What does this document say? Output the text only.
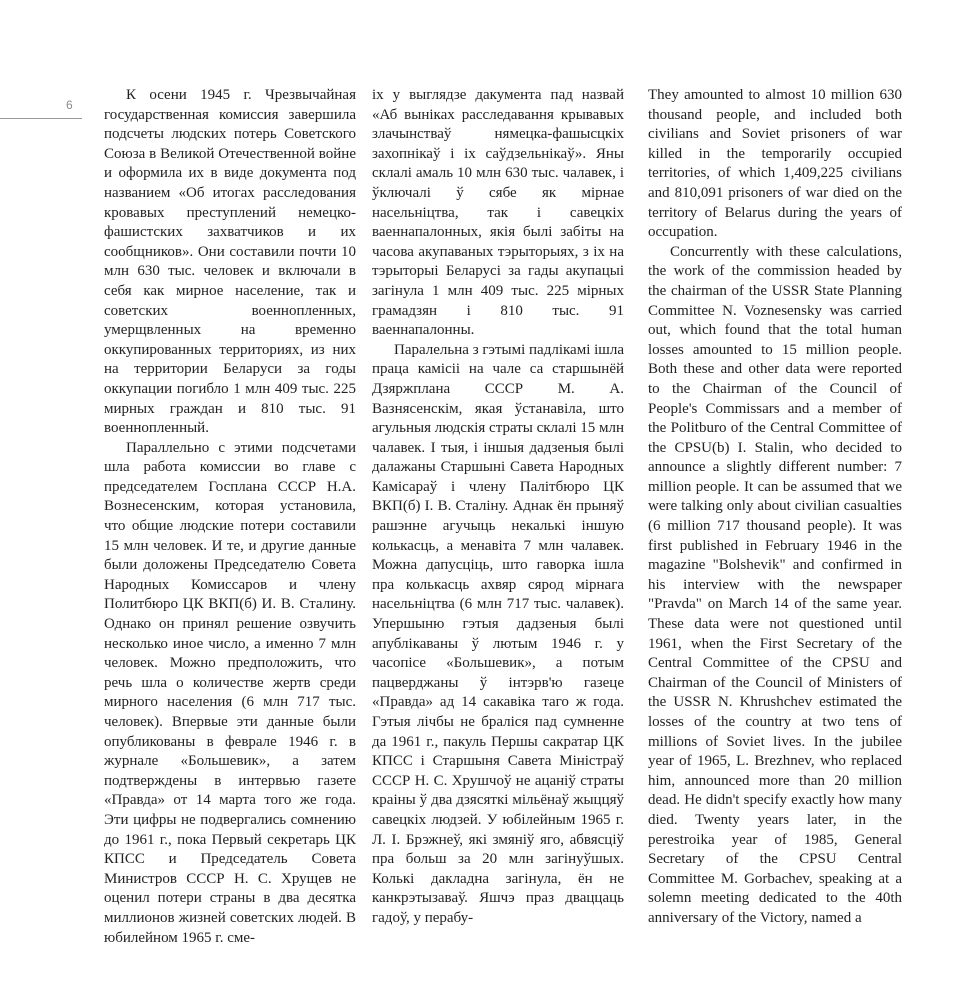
6

К осени 1945 г. Чрезвычайная государственная комиссия завершила подсчеты людских потерь Советского Союза в Великой Отечественной войне и оформила их в виде документа под названием «Об итогах расследования кровавых преступлений немецко-фашистских захватчиков и их сообщников». Они составили почти 10 млн 630 тыс. человек и включали в себя как мирное население, так и советских военнопленных, умерщвленных на временно оккупированных территориях, из них на территории Беларуси за годы оккупации погибло 1 млн 409 тыс. 225 мирных граждан и 810 тыс. 91 военнопленный.

Параллельно с этими подсчетами шла работа комиссии во главе с председателем Госплана СССР Н.А. Вознесенским, которая установила, что общие людские потери составили 15 млн человек. И те, и другие данные были доложены Председателю Совета Народных Комиссаров и члену Политбюро ЦК ВКП(б) И. В. Сталину. Однако он принял решение озвучить несколько иное число, а именно 7 млн человек. Можно предположить, что речь шла о количестве жертв среди мирного населения (6 млн 717 тыс. человек). Впервые эти данные были опубликованы в феврале 1946 г. в журнале «Большевик», а затем подтверждены в интервью газете «Правда» от 14 марта того же года. Эти цифры не подвергались сомнению до 1961 г., пока Первый секретарь ЦК КПСС и Председатель Совета Министров СССР Н. С. Хрущев не оценил потери страны в два десятка миллионов жизней советских людей. В юбилейном 1965 г. сме-

іх у выглядзе дакумента пад назвай «Аб выніках расследавання крывавых злачынстваў нямецка-фашысцкіх захопнікаў і іх саўдзельнікаў». Яны склалі амаль 10 млн 630 тыс. чалавек, і ўключалі ў сябе як мірнае насельніцтва, так і савецкіх ваеннапалонных, якія былі забіты на часова акупаваных тэрыторыях, з іх на тэрыторыі Беларусі за гады акупацыі загінула 1 млн 409 тыс. 225 мірных грамадзян і 810 тыс. 91 ваеннапалонны.

Паралельна з гэтымі падлікамі ішла праца камісіі на чале са старшынёй Дзяржплана СССР М. А. Вазнясенскім, якая ўстанавіла, што агульныя людскія страты склалі 15 млн чалавек. І тыя, і іншыя дадзеныя былі далажаны Старшыні Савета Народных Камісараў і члену Палітбюро ЦК ВКП(б) І. В. Сталіну. Аднак ён прыняў рашэнне агучыць некалькі іншую колькасць, а менавіта 7 млн чалавек. Можна дапусціць, што гаворка ішла пра колькасць ахвяр сярод мірнага насельніцтва (6 млн 717 тыс. чалавек). Упершыню гэтыя дадзеныя былі апублікаваны ў лютым 1946 г. у часопісе «Большевик», а потым пацверджаны ў інтэрв'ю газеце «Правда» ад 14 сакавіка таго ж года. Гэтыя лічбы не браліся пад сумненне да 1961 г., пакуль Першы сакратар ЦК КПСС і Старшыня Савета Міністраў СССР Н. С. Хрушчоў не ацаніў страты краіны ў два дзясяткі мільёнаў жыццяў савецкіх людзей. У юбілейным 1965 г. Л. І. Брэжнеў, які змяніў яго, абвясціў пра больш за 20 млн загінуўшых. Колькі дакладна загінула, ён не канкрэтызаваў. Яшчэ праз дваццаць гадоў, у перабу-

They amounted to almost 10 million 630 thousand people, and included both civilians and Soviet prisoners of war killed in the temporarily occupied territories, of which 1,409,225 civilians and 810,091 prisoners of war died on the territory of Belarus during the years of occupation.

Concurrently with these calculations, the work of the commission headed by the chairman of the USSR State Planning Committee N. Voznesensky was carried out, which found that the total human losses amounted to 15 million people. Both these and other data were reported to the Chairman of the Council of People's Commissars and a member of the Politburo of the Central Committee of the CPSU(b) I. Stalin, who decided to announce a slightly different number: 7 million people. It can be assumed that we were talking only about civilian casualties (6 million 717 thousand people). It was first published in February 1946 in the magazine "Bolshevik" and confirmed in his interview with the newspaper "Pravda" on March 14 of the same year. These data were not questioned until 1961, when the First Secretary of the Central Committee of the CPSU and Chairman of the Council of Ministers of the USSR N. Khrushchev estimated the losses of the country at two tens of millions of Soviet lives. In the jubilee year of 1965, L. Brezhnev, who replaced him, announced more than 20 million dead. He didn't specify exactly how many died. Twenty years later, in the perestroika year of 1985, General Secretary of the CPSU Central Committee M. Gorbachev, speaking at a solemn meeting dedicated to the 40th anniversary of the Victory, named a
